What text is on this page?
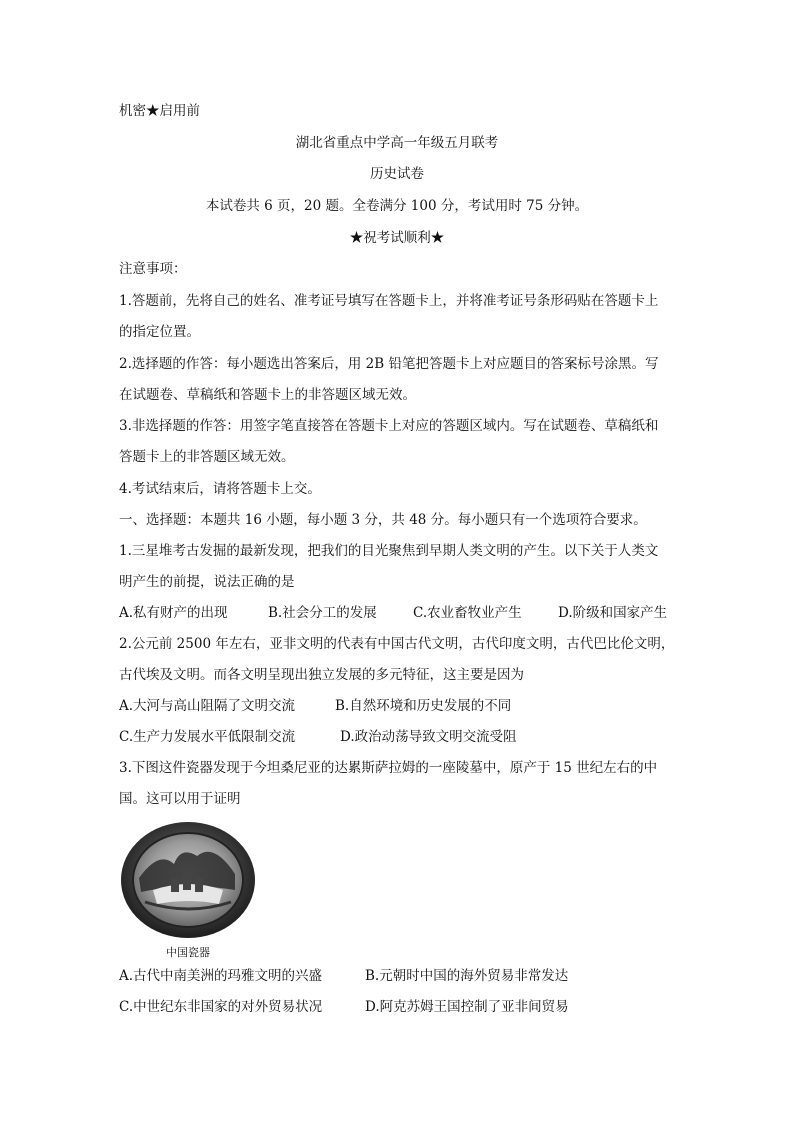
机密★启用前
湖北省重点中学高一年级五月联考
历史试卷
本试卷共 6 页，20 题。全卷满分 100 分，考试用时 75 分钟。
★祝考试顺利★
注意事项：
1.答题前，先将自己的姓名、准考证号填写在答题卡上，并将准考证号条形码贴在答题卡上
的指定位置。
2.选择题的作答：每小题选出答案后，用 2B 铅笔把答题卡上对应题目的答案标号涂黑。写
在试题卷、草稿纸和答题卡上的非答题区域无效。
3.非选择题的作答：用签字笔直接答在答题卡上对应的答题区域内。写在试题卷、草稿纸和
答题卡上的非答题区域无效。
4.考试结束后，请将答题卡上交。
一、选择题：本题共 16 小题，每小题 3 分，共 48 分。每小题只有一个选项符合要求。
1.三星堆考古发掘的最新发现，把我们的目光聚焦到早期人类文明的产生。以下关于人类文
明产生的前提，说法正确的是
A.私有财产的出现	B.社会分工的发展	C.农业畜牧业产生	D.阶级和国家产生
2.公元前 2500 年左右，亚非文明的代表有中国古代文明，古代印度文明，古代巴比伦文明，
古代埃及文明。而各文明呈现出独立发展的多元特征，这主要是因为
A.大河与高山阻隔了文明交流	B.自然环境和历史发展的不同
C.生产力发展水平低限制交流	D.政治动荡导致文明交流受阻
3.下图这件瓷器发现于今坦桑尼亚的达累斯萨拉姆的一座陵墓中，原产于 15 世纪左右的中
国。这可以用于证明
中国瓷器
A.古代中南美洲的玛雅文明的兴盛	B.元朝时中国的海外贸易非常发达
C.中世纪东非国家的对外贸易状况	D.阿克苏姆王国控制了亚非间贸易
